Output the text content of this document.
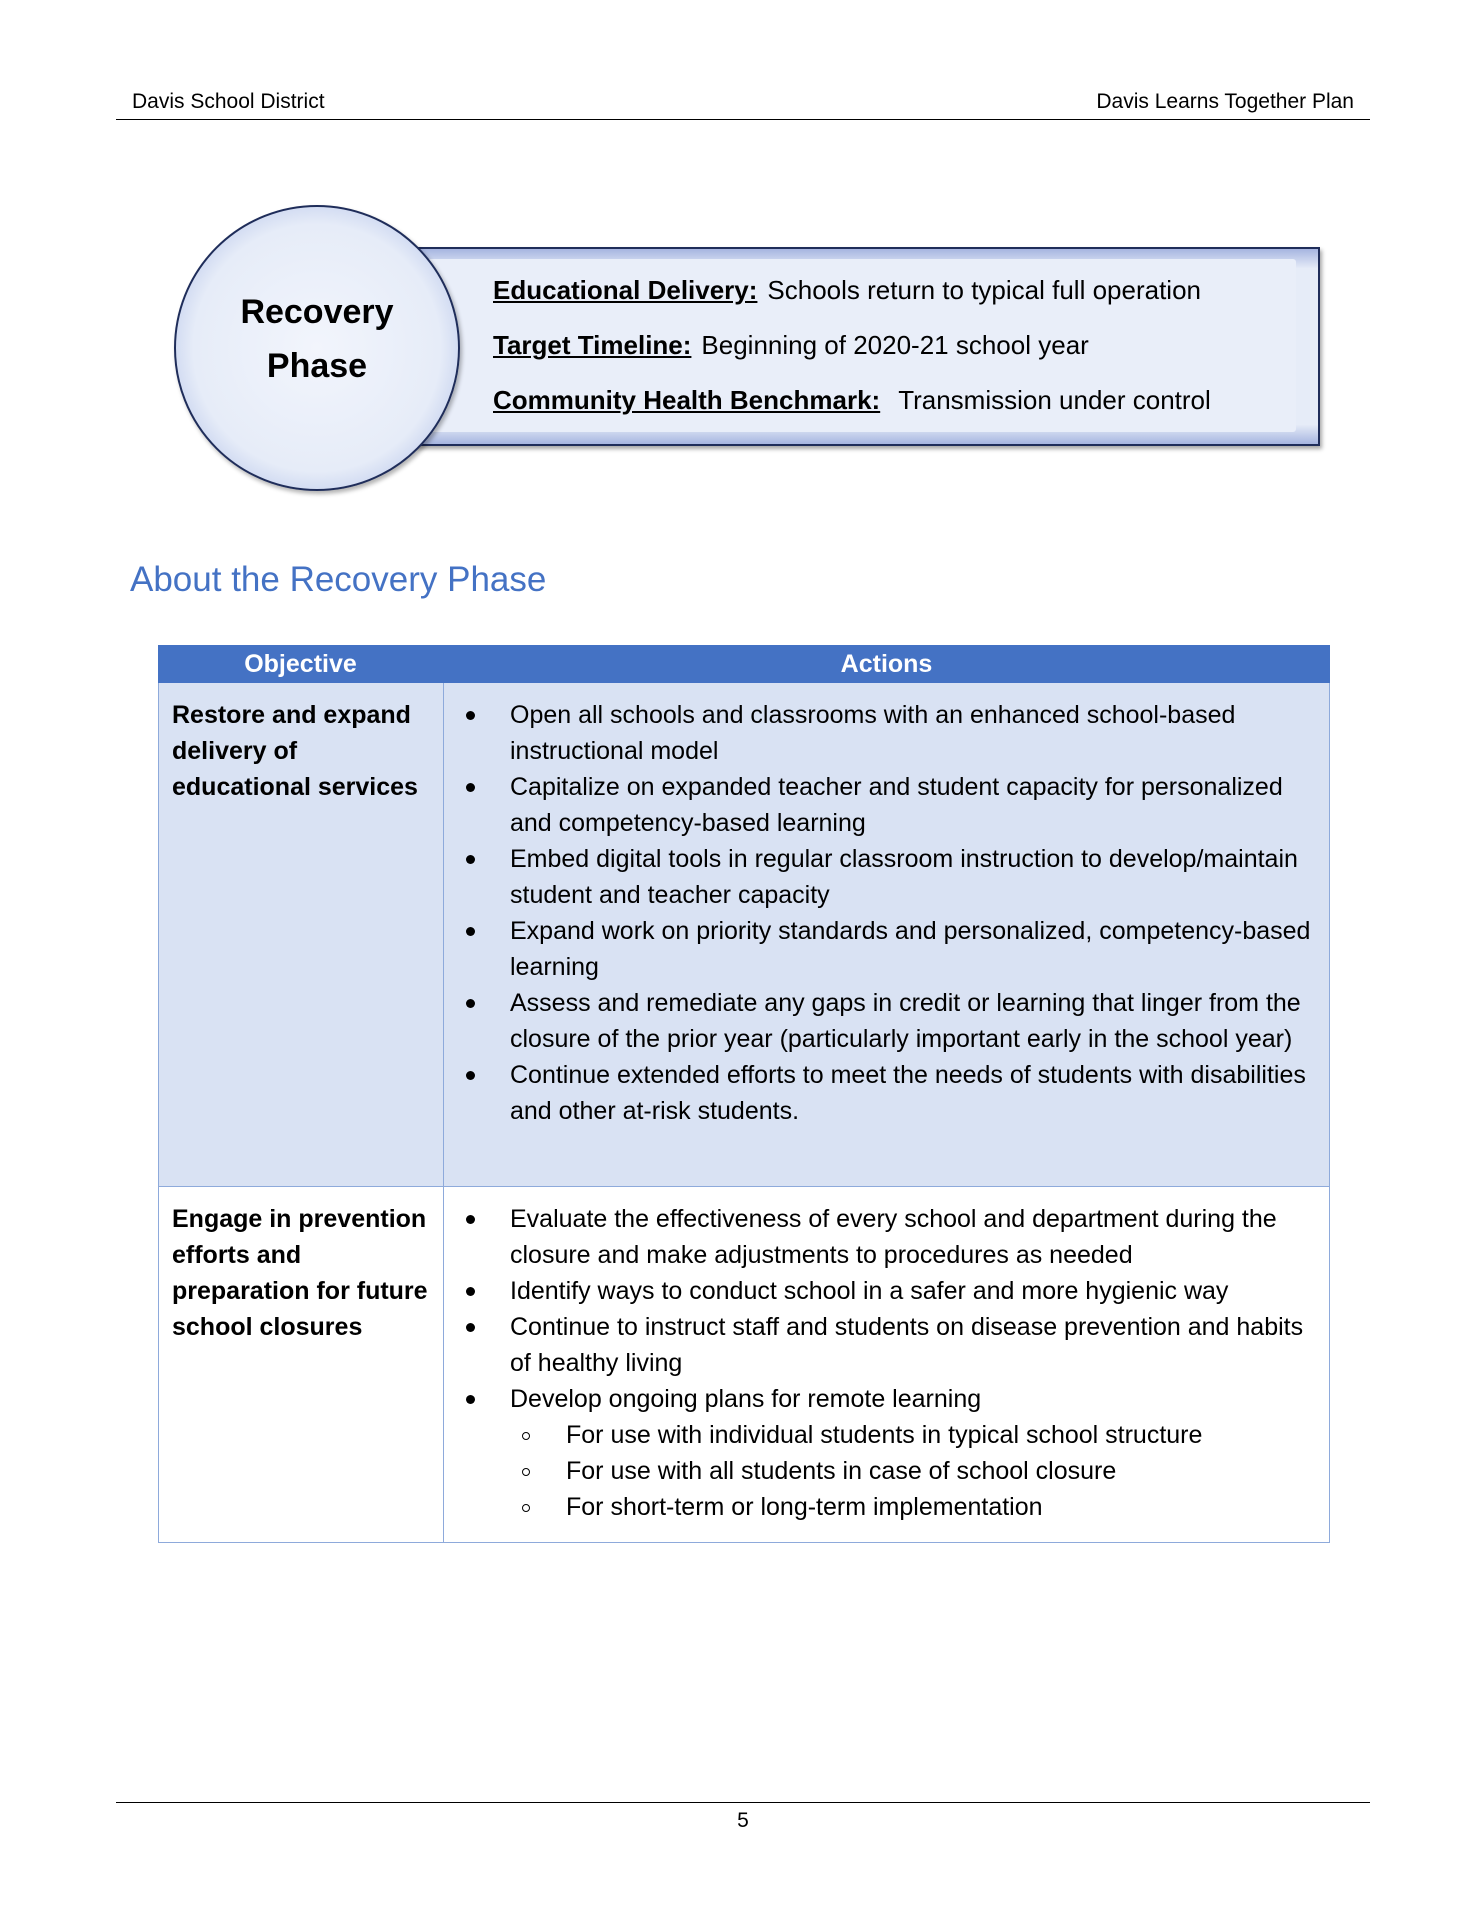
Davis School District	Davis Learns Together Plan
Educational Delivery: Schools return to typical full operation
Target Timeline: Beginning of 2020-21 school year
Community Health Benchmark: Transmission under control
Recovery
Phase
About the Recovery Phase
Objective	Actions
Restore and expand delivery of educational services
Open all schools and classrooms with an enhanced school-based instructional model
Capitalize on expanded teacher and student capacity for personalized and competency-based learning
Embed digital tools in regular classroom instruction to develop/maintain student and teacher capacity
Expand work on priority standards and personalized, competency-based learning
Assess and remediate any gaps in credit or learning that linger from the closure of the prior year (particularly important early in the school year)
Continue extended efforts to meet the needs of students with disabilities and other at-risk students.
Engage in prevention efforts and preparation for future school closures
Evaluate the effectiveness of every school and department during the closure and make adjustments to procedures as needed
Identify ways to conduct school in a safer and more hygienic way
Continue to instruct staff and students on disease prevention and habits of healthy living
Develop ongoing plans for remote learning
For use with individual students in typical school structure
For use with all students in case of school closure
For short-term or long-term implementation
5
